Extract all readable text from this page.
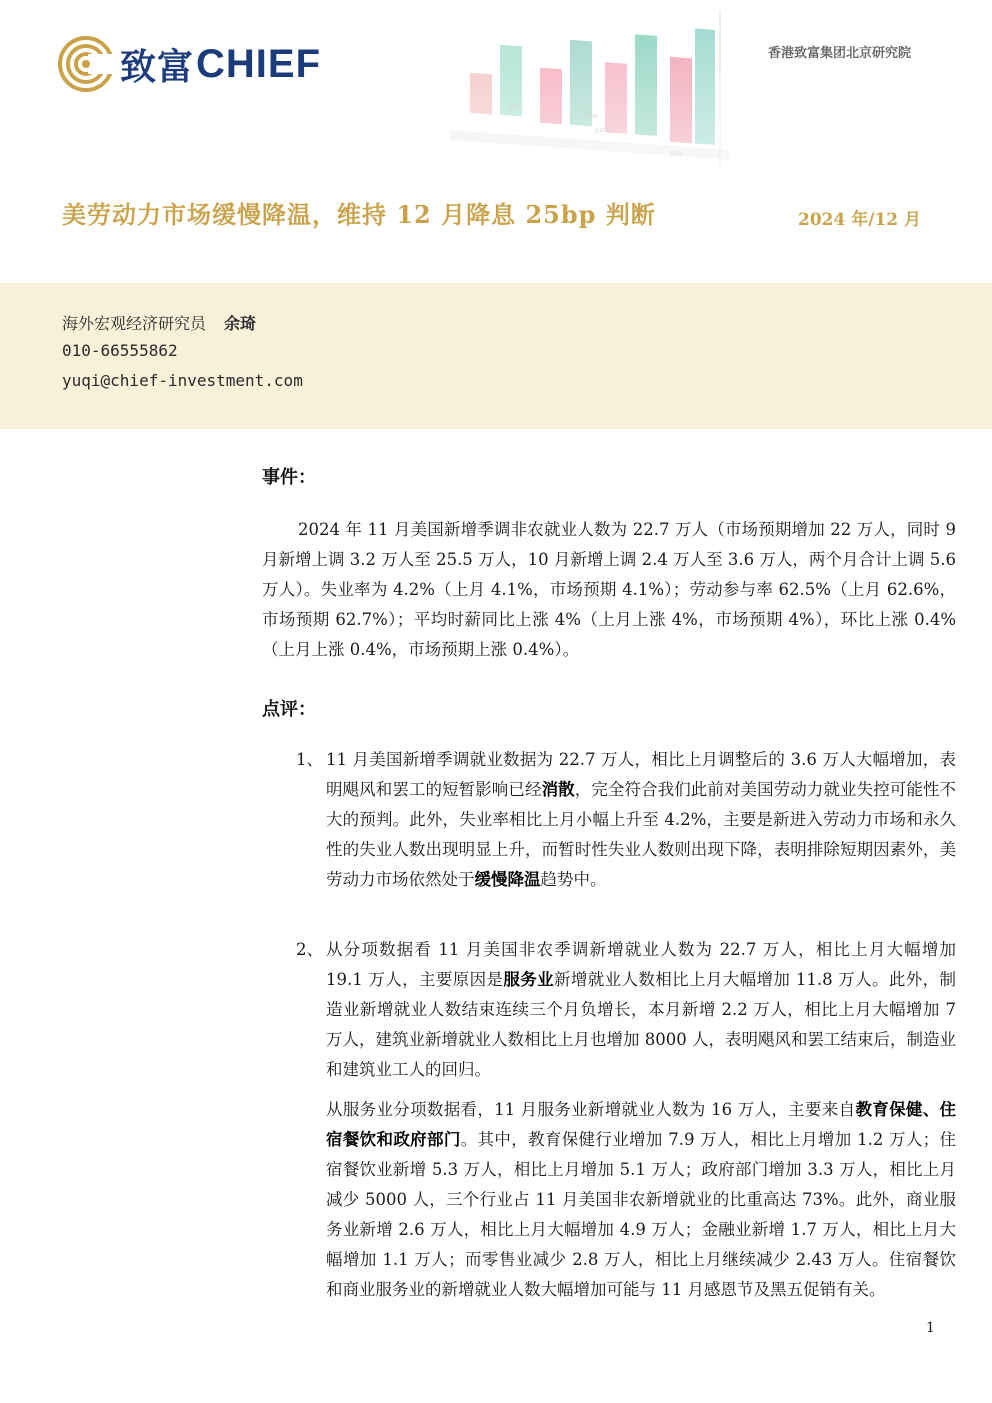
致富 CHIEF	香港致富集团北京研究院
美劳动力市场缓慢降温，维持 12 月降息 25bp 判断	2024 年/12 月
海外宏观经济研究员 余琦
010-66555862
yuqi@chief-investment.com
事件：
2024 年 11 月美国新增季调非农就业人数为 22.7 万人（市场预期增加 22 万人，同时 9 月新增上调 3.2 万人至 25.5 万人，10 月新增上调 2.4 万人至 3.6 万人，两个月合计上调 5.6 万人）。失业率为 4.2%（上月 4.1%，市场预期 4.1%）；劳动参与率 62.5%（上月 62.6%，市场预期 62.7%）；平均时薪同比上涨 4%（上月上涨 4%，市场预期 4%），环比上涨 0.4%（上月上涨 0.4%，市场预期上涨 0.4%）。
点评：
1、 11 月美国新增季调就业数据为 22.7 万人，相比上月调整后的 3.6 万人大幅增加，表明飓风和罢工的短暂影响已经消散，完全符合我们此前对美国劳动力就业失控可能性不大的预判。此外，失业率相比上月小幅上升至 4.2%，主要是新进入劳动力市场和永久性的失业人数出现明显上升，而暂时性失业人数则出现下降，表明排除短期因素外，美劳动力市场依然处于缓慢降温趋势中。
2、 从分项数据看 11 月美国非农季调新增就业人数为 22.7 万人，相比上月大幅增加 19.1 万人，主要原因是服务业新增就业人数相比上月大幅增加 11.8 万人。此外，制造业新增就业人数结束连续三个月负增长，本月新增 2.2 万人，相比上月大幅增加 7 万人，建筑业新增就业人数相比上月也增加 8000 人，表明飓风和罢工结束后，制造业和建筑业工人的回归。
从服务业分项数据看，11 月服务业新增就业人数为 16 万人，主要来自教育保健、住宿餐饮和政府部门。其中，教育保健行业增加 7.9 万人，相比上月增加 1.2 万人；住宿餐饮业新增 5.3 万人，相比上月增加 5.1 万人；政府部门增加 3.3 万人，相比上月减少 5000 人，三个行业占 11 月美国非农新增就业的比重高达 73%。此外，商业服务业新增 2.6 万人，相比上月大幅增加 4.9 万人；金融业新增 1.7 万人，相比上月大幅增加 1.1 万人；而零售业减少 2.8 万人，相比上月继续减少 2.43 万人。住宿餐饮和商业服务业的新增就业人数大幅增加可能与 11 月感恩节及黑五促销有关。
1
